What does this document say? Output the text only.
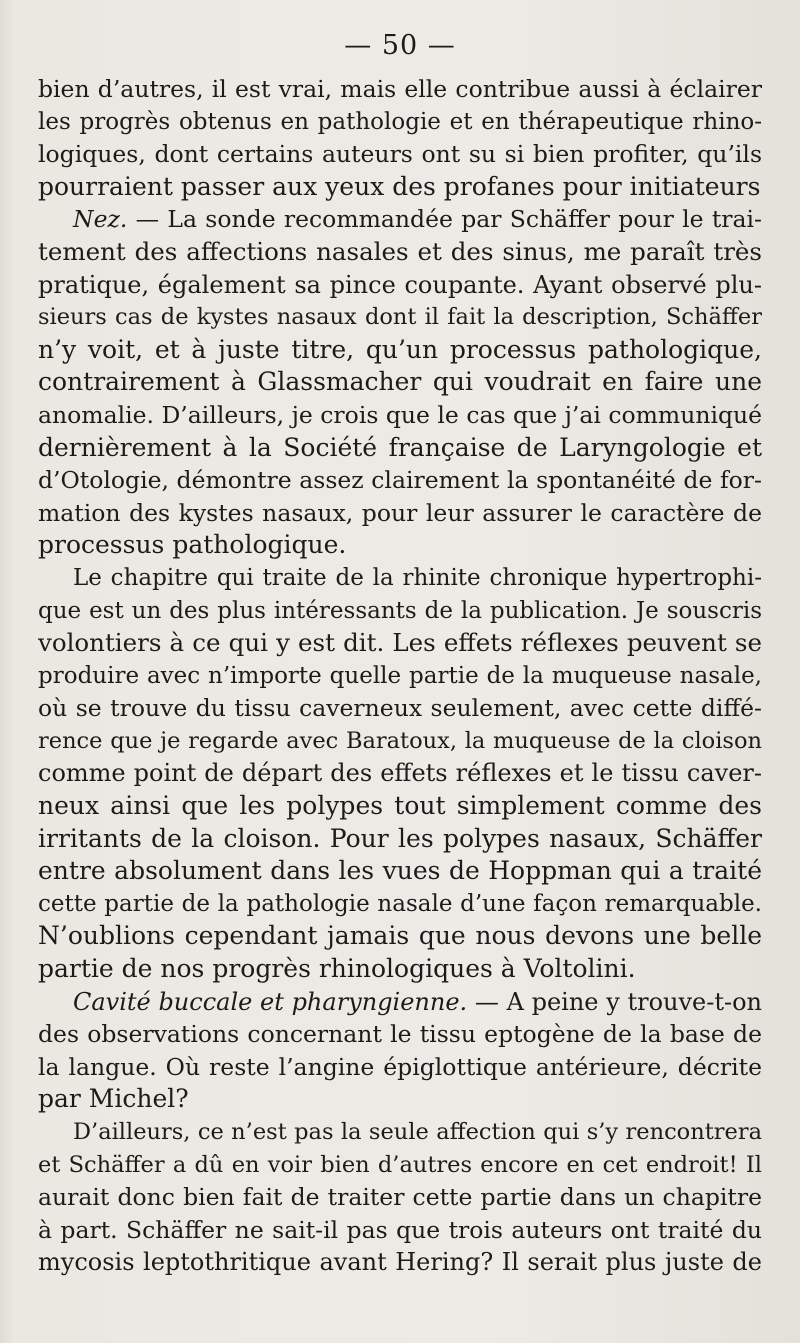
— 50 —
bien d’autres, il est vrai, mais elle contribue aussi à éclairer
les progrès obtenus en pathologie et en thérapeutique rhino-
logiques, dont certains auteurs ont su si bien profiter, qu’ils
pourraient passer aux yeux des profanes pour initiateurs
Nez. — La sonde recommandée par Schäffer pour le trai-
tement des affections nasales et des sinus, me paraît très
pratique, également sa pince coupante. Ayant observé plu-
sieurs cas de kystes nasaux dont il fait la description, Schäffer
n’y voit, et à juste titre, qu’un processus pathologique,
contrairement à Glassmacher qui voudrait en faire une
anomalie. D’ailleurs, je crois que le cas que j’ai communiqué
dernièrement à la Société française de Laryngologie et
d’Otologie, démontre assez clairement la spontanéité de for-
mation des kystes nasaux, pour leur assurer le caractère de
processus pathologique.
Le chapitre qui traite de la rhinite chronique hypertrophi-
que est un des plus intéressants de la publication. Je souscris
volontiers à ce qui y est dit. Les effets réflexes peuvent se
produire avec n’importe quelle partie de la muqueuse nasale,
où se trouve du tissu caverneux seulement, avec cette diffé-
rence que je regarde avec Baratoux, la muqueuse de la cloison
comme point de départ des effets réflexes et le tissu caver-
neux ainsi que les polypes tout simplement comme des
irritants de la cloison. Pour les polypes nasaux, Schäffer
entre absolument dans les vues de Hoppman qui a traité
cette partie de la pathologie nasale d’une façon remarquable.
N’oublions cependant jamais que nous devons une belle
partie de nos progrès rhinologiques à Voltolini.
Cavité buccale et pharyngienne. — A peine y trouve-t-on
des observations concernant le tissu eptogène de la base de
la langue. Où reste l’angine épiglottique antérieure, décrite
par Michel?
D’ailleurs, ce n’est pas la seule affection qui s’y rencontrera
et Schäffer a dû en voir bien d’autres encore en cet endroit! Il
aurait donc bien fait de traiter cette partie dans un chapitre
à part. Schäffer ne sait-il pas que trois auteurs ont traité du
mycosis leptothritique avant Hering? Il serait plus juste de
